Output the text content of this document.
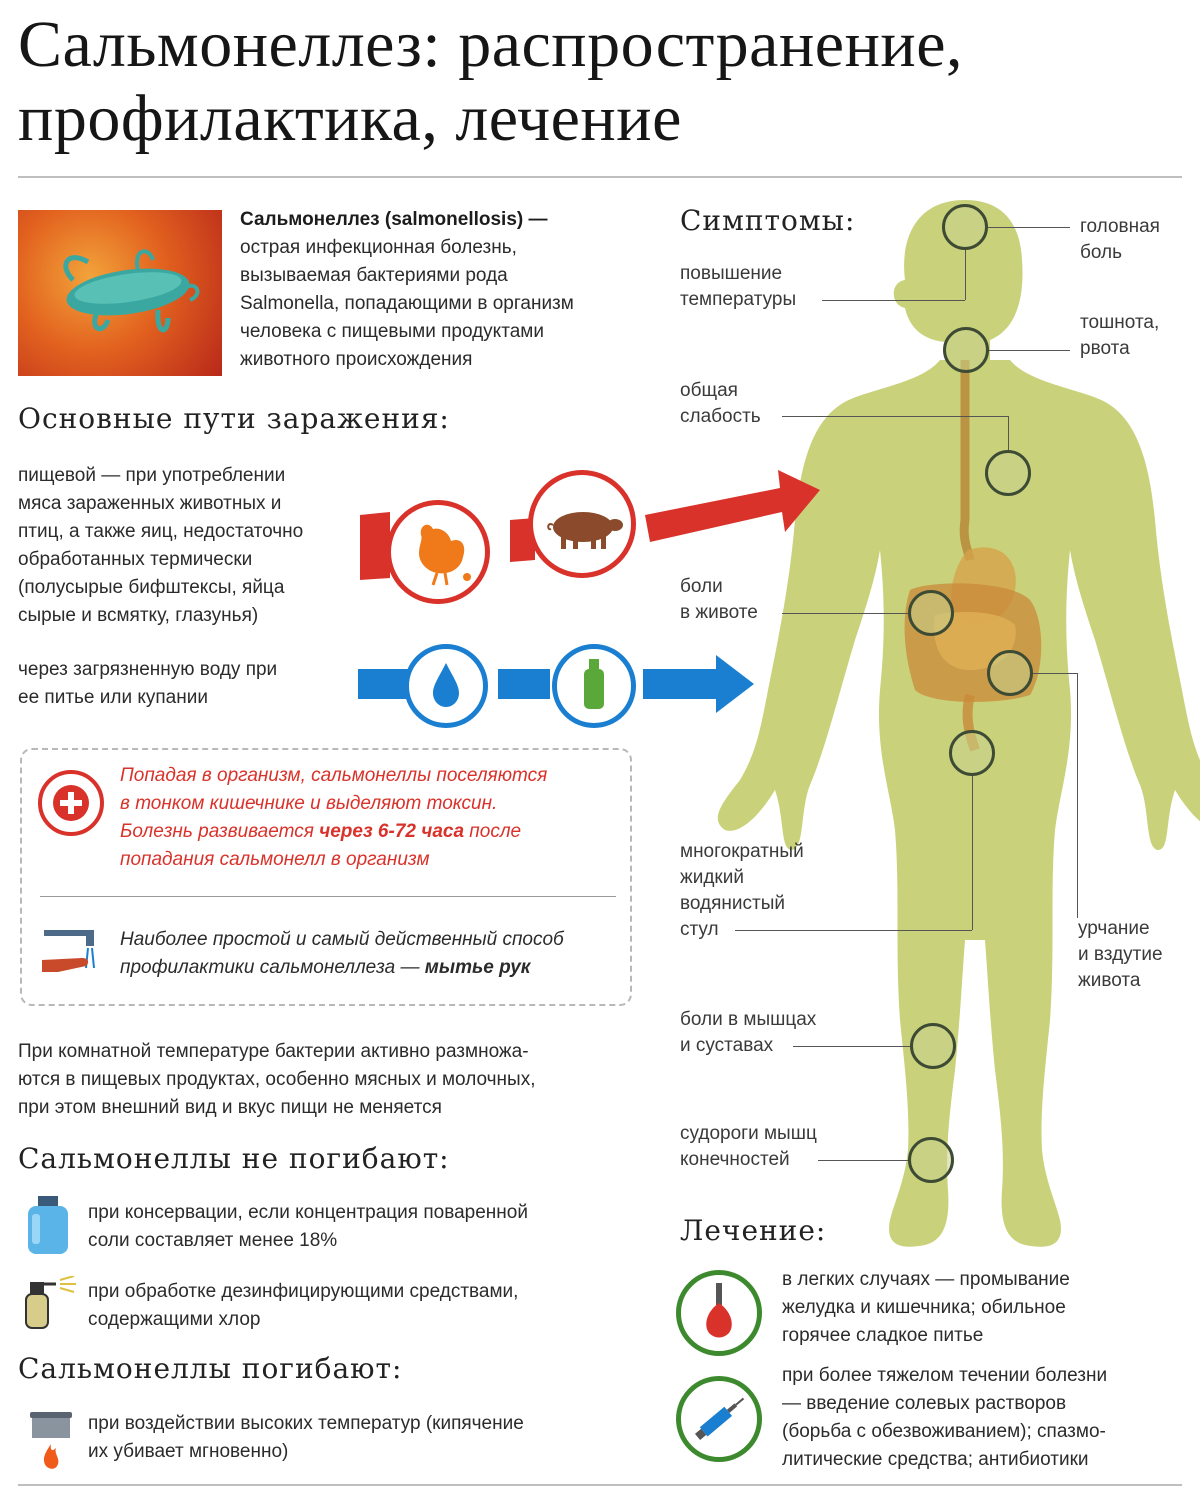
Сальмонеллез: распространение,
профилактика, лечение
Симптомы:	головная
боль
повышение
температуры
тошнота,
рвота
общая
слабость
боли
в животе
многократный
жидкий
водянистый
стул	урчание
и вздутие
живота
боли в мышцах
и суставах
судороги мышц
конечностей
Сальмонеллез (salmonellosis) —
острая инфекционная болезнь,
вызываемая бактериями рода
Salmonella, попадающими в организм
человека с пищевыми продуктами
животного происхождения
Основные пути заражения:
пищевой — при употреблении
мяса зараженных животных и
птиц, а также яиц, недостаточно
обработанных термически
(полусырые бифштексы, яйца
сырые и всмятку, глазунья)
через загрязненную воду при
ее питье или купании
Попадая в организм, сальмонеллы поселяются
в тонком кишечнике и выделяют токсин.
Болезнь развивается через 6-72 часа после
попадания сальмонелл в организм
Наиболее простой и самый действенный способ
профилактики сальмонеллеза — мытье рук
При комнатной температуре бактерии активно размножа-
ются в пищевых продуктах, особенно мясных и молочных,
при этом внешний вид и вкус пищи не меняется
Сальмонеллы не погибают:
при консервации, если концентрация поваренной
соли составляет менее 18%
при обработке дезинфицирующими средствами,
содержащими хлор
Сальмонеллы погибают:
при воздействии высоких температур (кипячение
их убивает мгновенно)
Лечение:
в легких случаях — промывание
желудка и кишечника; обильное
горячее сладкое питье
при более тяжелом течении болезни
— введение солевых растворов
(борьба с обезвоживанием); спазмо-
литические средства; антибиотики
